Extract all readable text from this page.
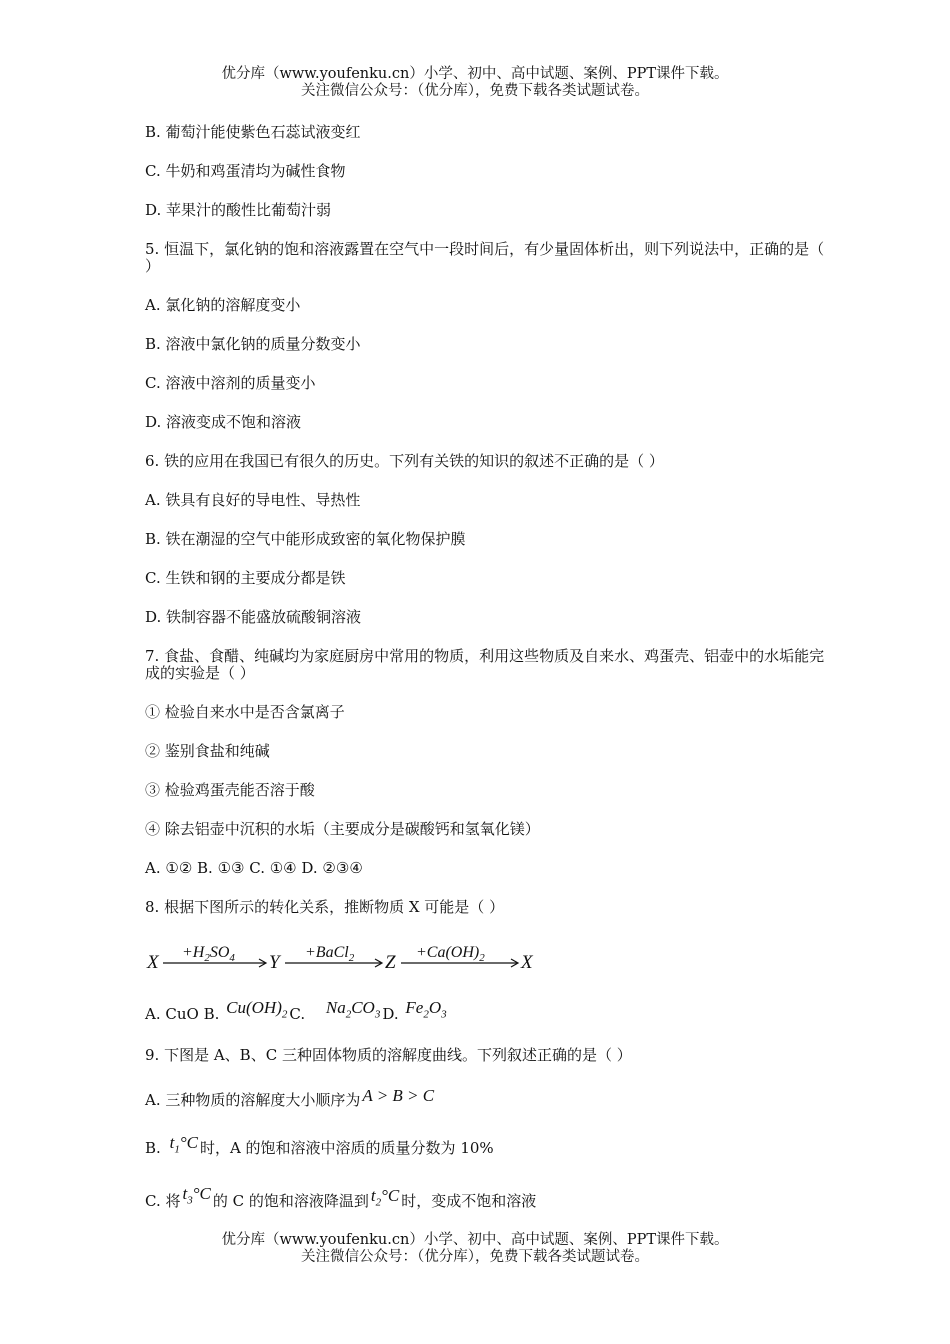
优分库（www.youfenku.cn）小学、初中、高中试题、案例、PPT课件下载。
关注微信公众号：（优分库），免费下载各类试题试卷。
B. 葡萄汁能使紫色石蕊试液变红
C. 牛奶和鸡蛋清均为碱性食物
D. 苹果汁的酸性比葡萄汁弱
5. 恒温下，氯化钠的饱和溶液露置在空气中一段时间后，有少量固体析出，则下列说法中，正确的是（ ）
A. 氯化钠的溶解度变小
B. 溶液中氯化钠的质量分数变小
C. 溶液中溶剂的质量变小
D. 溶液变成不饱和溶液
6. 铁的应用在我国已有很久的历史。下列有关铁的知识的叙述不正确的是（ ）
A. 铁具有良好的导电性、导热性
B. 铁在潮湿的空气中能形成致密的氧化物保护膜
C. 生铁和钢的主要成分都是铁
D. 铁制容器不能盛放硫酸铜溶液
7. 食盐、食醋、纯碱均为家庭厨房中常用的物质，利用这些物质及自来水、鸡蛋壳、铝壶中的水垢能完成的实验是（ ）
① 检验自来水中是否含氯离子
② 鉴别食盐和纯碱
③ 检验鸡蛋壳能否溶于酸
④ 除去铝壶中沉积的水垢（主要成分是碳酸钙和氢氧化镁）
A. ①② B. ①③ C. ①④ D. ②③④
8. 根据下图所示的转化关系，推断物质 X 可能是（ ）
$X +H_2SO_4$ Y +BaCl$_2$ $Z +Ca(OH)_2$ X
A. CuO B. $Cu(OH)_2$ C. $Na_2CO_3$ D. $Fe_2O_3$
9. 下图是 A、B、C 三种固体物质的溶解度曲线。下列叙述正确的是（ ）
A. 三种物质的溶解度大小顺序为 A > B > C
B. $t_1^\circ C$ 时，A 的饱和溶液中溶质的质量分数为 10%
C. 将 $t_3^\circ C$ 的 C 的饱和溶液降温到 $t_2^\circ C$ 时，变成不饱和溶液
优分库（www.youfenku.cn）小学、初中、高中试题、案例、PPT课件下载。
关注微信公众号：（优分库），免费下载各类试题试卷。
